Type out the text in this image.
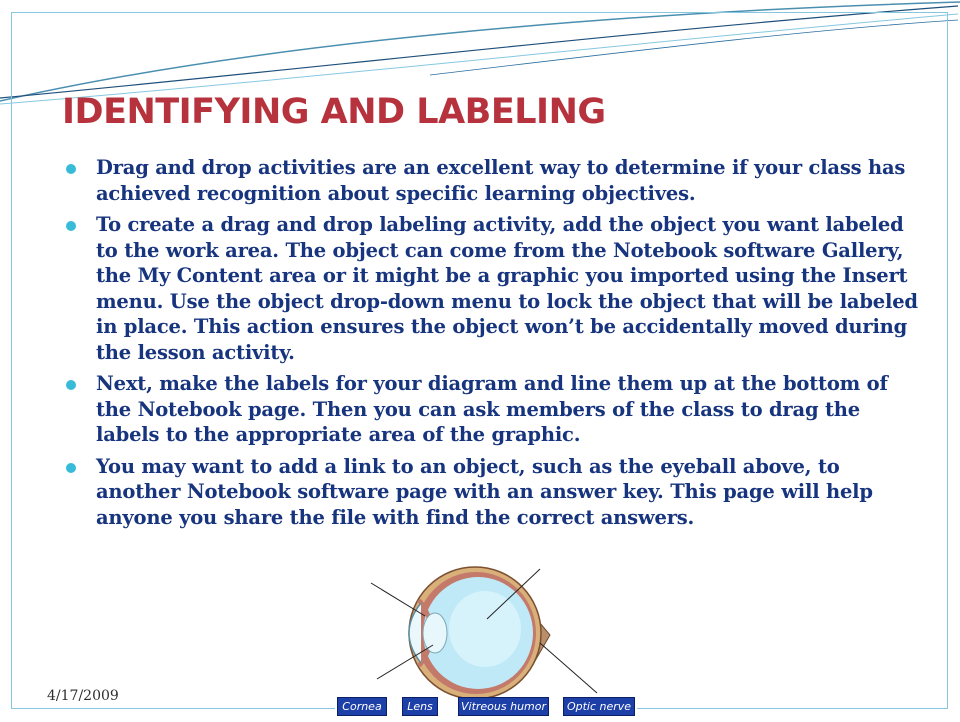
IDENTIFYING AND LABELING
Drag and drop activities are an excellent way to determine if your class has achieved recognition about specific learning objectives.
To create a drag and drop labeling activity, add the object you want labeled to the work area. The object can come from the Notebook software Gallery, the My Content area or it might be a graphic you imported using the Insert menu. Use the object drop-down menu to lock the object that will be labeled in place. This action ensures the object won’t be accidentally moved during the lesson activity.
Next, make the labels for your diagram and line them up at the bottom of the Notebook page. Then you can ask members of the class to drag the labels to the appropriate area of the graphic.
You may want to add a link to an object, such as the eyeball above, to another Notebook software page with an answer key. This page will help anyone you share the file with find the correct answers.
Cornea	Lens	Vitreous humor	Optic nerve
4/17/2009
